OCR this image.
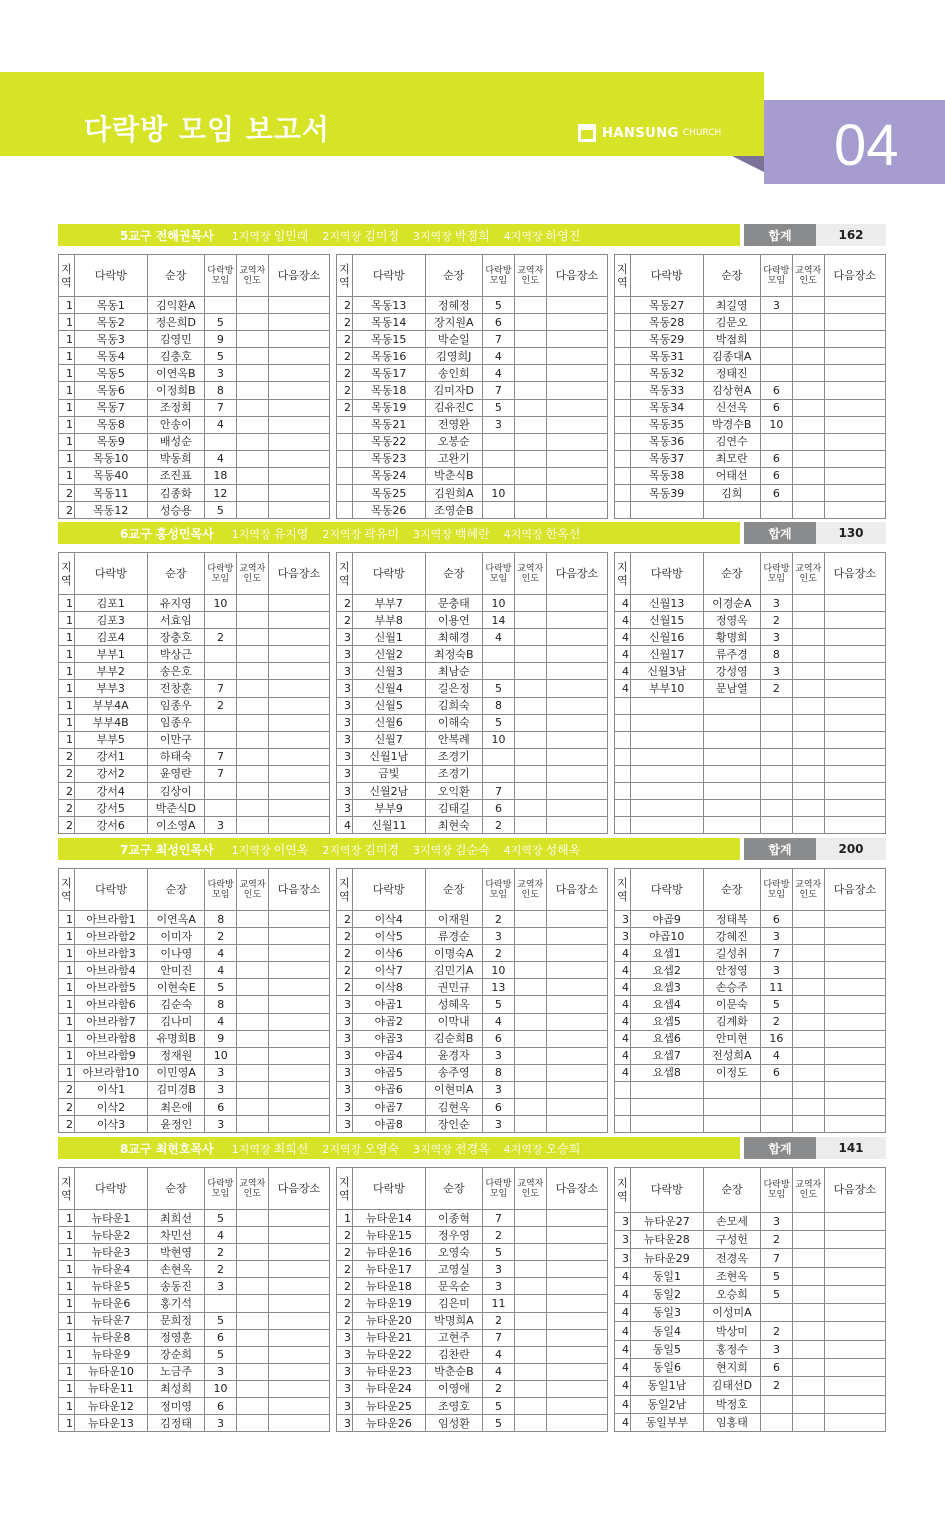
다락방 모임 보고서	HANSUNG CHURCH 04
5교구 전해권목사 1지역장 임민래 2지역장 김미정 3지역장 박점희 4지역장 하영진	합계	162
지
역	다락방	순장	다락방
모임	교역자
인도	다음장소
1	목동1	김익환A			
1	목동2	정은희D	5		
1	목동3	김영민	9		
1	목동4	김충호	5		
1	목동5	이연옥B	3		
1	목동6	이정희B	8		
1	목동7	조정희	7		
1	목동8	안송이	4		
1	목동9	배성순			
1	목동10	박동희	4		
1	목동40	조진표	18		
2	목동11	김종화	12		
2	목동12	성승용	5		
지
역	다락방	순장	다락방
모임	교역자
인도	다음장소
2	목동13	정혜정	5		
2	목동14	장지원A	6		
2	목동15	박순일	7		
2	목동16	김영희J	4		
2	목동17	송인희	4		
2	목동18	김미자D	7		
2	목동19	김유진C	5		
	목동21	전영완	3		
	목동22	오봉순			
	목동23	고완기			
	목동24	박춘식B			
	목동25	김원희A	10		
	목동26	조영순B			
지
역	다락방	순장	다락방
모임	교역자
인도	다음장소
	목동27	최길영	3		
	목동28	김문오			
	목동29	박점희			
	목동31	김종대A			
	목동32	정태진			
	목동33	김상현A	6		
	목동34	신선옥	6		
	목동35	박경수B	10		
	목동36	김연수			
	목동37	최모란	6		
	목동38	어태선	6		
	목동39	김희	6		

6교구 홍성민목사 1지역장 유지영 2지역장 곽유미 3지역장 백혜란 4지역장 한옥선	합계	130
지
역	다락방	순장	다락방
모임	교역자
인도	다음장소
1	김포1	유지영	10		
1	김포3	서효임			
1	김포4	장충호	2		
1	부부1	박상근			
1	부부2	송은호			
1	부부3	전창훈	7		
1	부부4A	임종우	2		
1	부부4B	임종우			
1	부부5	이만구			
2	강서1	하태숙	7		
2	강서2	윤영란	7		
2	강서4	김상이			
2	강서5	박준식D			
2	강서6	이소영A	3		
지
역	다락방	순장	다락방
모임	교역자
인도	다음장소
2	부부7	문충태	10		
2	부부8	이용연	14		
3	신월1	최혜경	4		
3	신월2	최정숙B			
3	신월3	최남순			
3	신월4	길은정	5		
3	신월5	김희숙	8		
3	신월6	이해숙	5		
3	신월7	안복례	10		
3	신월1남	조경기			
3	금빛	조경기			
3	신월2남	오익환	7		
3	부부9	김태길	6		
4	신월11	최현숙	2		
지
역	다락방	순장	다락방
모임	교역자
인도	다음장소
4	신월13	이경순A	3		
4	신월15	정영옥	2		
4	신월16	황명희	3		
4	신월17	류주경	8		
4	신월3남	강성영	3		
4	부부10	문남열	2		

7교구 최성인목사 1지역장 이연옥 2지역장 김미경 3지역장 김순숙 4지역장 성해옥	합계	200
지
역	다락방	순장	다락방
모임	교역자
인도	다음장소
1	아브라함1	이연옥A	8		
1	아브라함2	이미자	2		
1	아브라함3	이나영	4		
1	아브라함4	안미진	4		
1	아브라함5	이현숙E	5		
1	아브라함6	김순숙	8		
1	아브라함7	김나미	4		
1	아브라함8	유명희B	9		
1	아브라함9	정재원	10		
1	아브라함10	이민영A	3		
2	이삭1	김미경B	3		
2	이삭2	최은애	6		
2	이삭3	윤정인	3		
지
역	다락방	순장	다락방
모임	교역자
인도	다음장소
2	이삭4	이재원	2		
2	이삭5	류경순	3		
2	이삭6	이명숙A	2		
2	이삭7	김민기A	10		
2	이삭8	권민규	13		
3	야곱1	성혜옥	5		
3	야곱2	이막내	4		
3	야곱3	김순희B	6		
3	야곱4	윤경자	3		
3	야곱5	송주영	8		
3	야곱6	이현미A	3		
3	야곱7	김현옥	6		
3	야곱8	장인순	3		
지
역	다락방	순장	다락방
모임	교역자
인도	다음장소
3	야곱9	정태복	6		
3	야곱10	강혜진	3		
4	요셉1	길성취	7		
4	요셉2	안정영	3		
4	요셉3	손승주	11		
4	요셉4	이문숙	5		
4	요셉5	김계화	2		
4	요셉6	안미현	16		
4	요셉7	전성희A	4		
4	요셉8	이정도	6		

8교구 최현호목사 1지역장 최희선 2지역장 오영숙 3지역장 전경옥 4지역장 오승희	합계	141
지
역	다락방	순장	다락방
모임	교역자
인도	다음장소
1	뉴타운1	최희선	5		
1	뉴타운2	차민선	4		
1	뉴타운3	박현영	2		
1	뉴타운4	손현옥	2		
1	뉴타운5	송동진	3		
1	뉴타운6	홍기석			
1	뉴타운7	문희정	5		
1	뉴타운8	정영훈	6		
1	뉴타운9	장순희	5		
1	뉴타운10	노금주	3		
1	뉴타운11	최성희	10		
1	뉴타운12	정미영	6		
1	뉴타운13	김정태	3		
지
역	다락방	순장	다락방
모임	교역자
인도	다음장소
1	뉴타운14	이종혁	7		
2	뉴타운15	정우영	2		
2	뉴타운16	오영숙	5		
2	뉴타운17	고영실	3		
2	뉴타운18	문옥순	3		
2	뉴타운19	김은미	11		
2	뉴타운20	박명희A	2		
3	뉴타운21	고현주	7		
3	뉴타운22	김찬란	4		
3	뉴타운23	박춘순B	4		
3	뉴타운24	이영애	2		
3	뉴타운25	조영호	5		
3	뉴타운26	임성환	5		
지
역	다락방	순장	다락방
모임	교역자
인도	다음장소
3	뉴타운27	손모세	3		
3	뉴타운28	구성헌	2		
3	뉴타운29	전경옥	7		
4	동일1	조현옥	5		
4	동일2	오승희	5		
4	동일3	이성미A			
4	동일4	박상미	2		
4	동일5	홍정수	3		
4	동일6	현지희	6		
4	동일1남	김태선D	2		
4	동일2남	박정호			
4	동일부부	임홍태			
